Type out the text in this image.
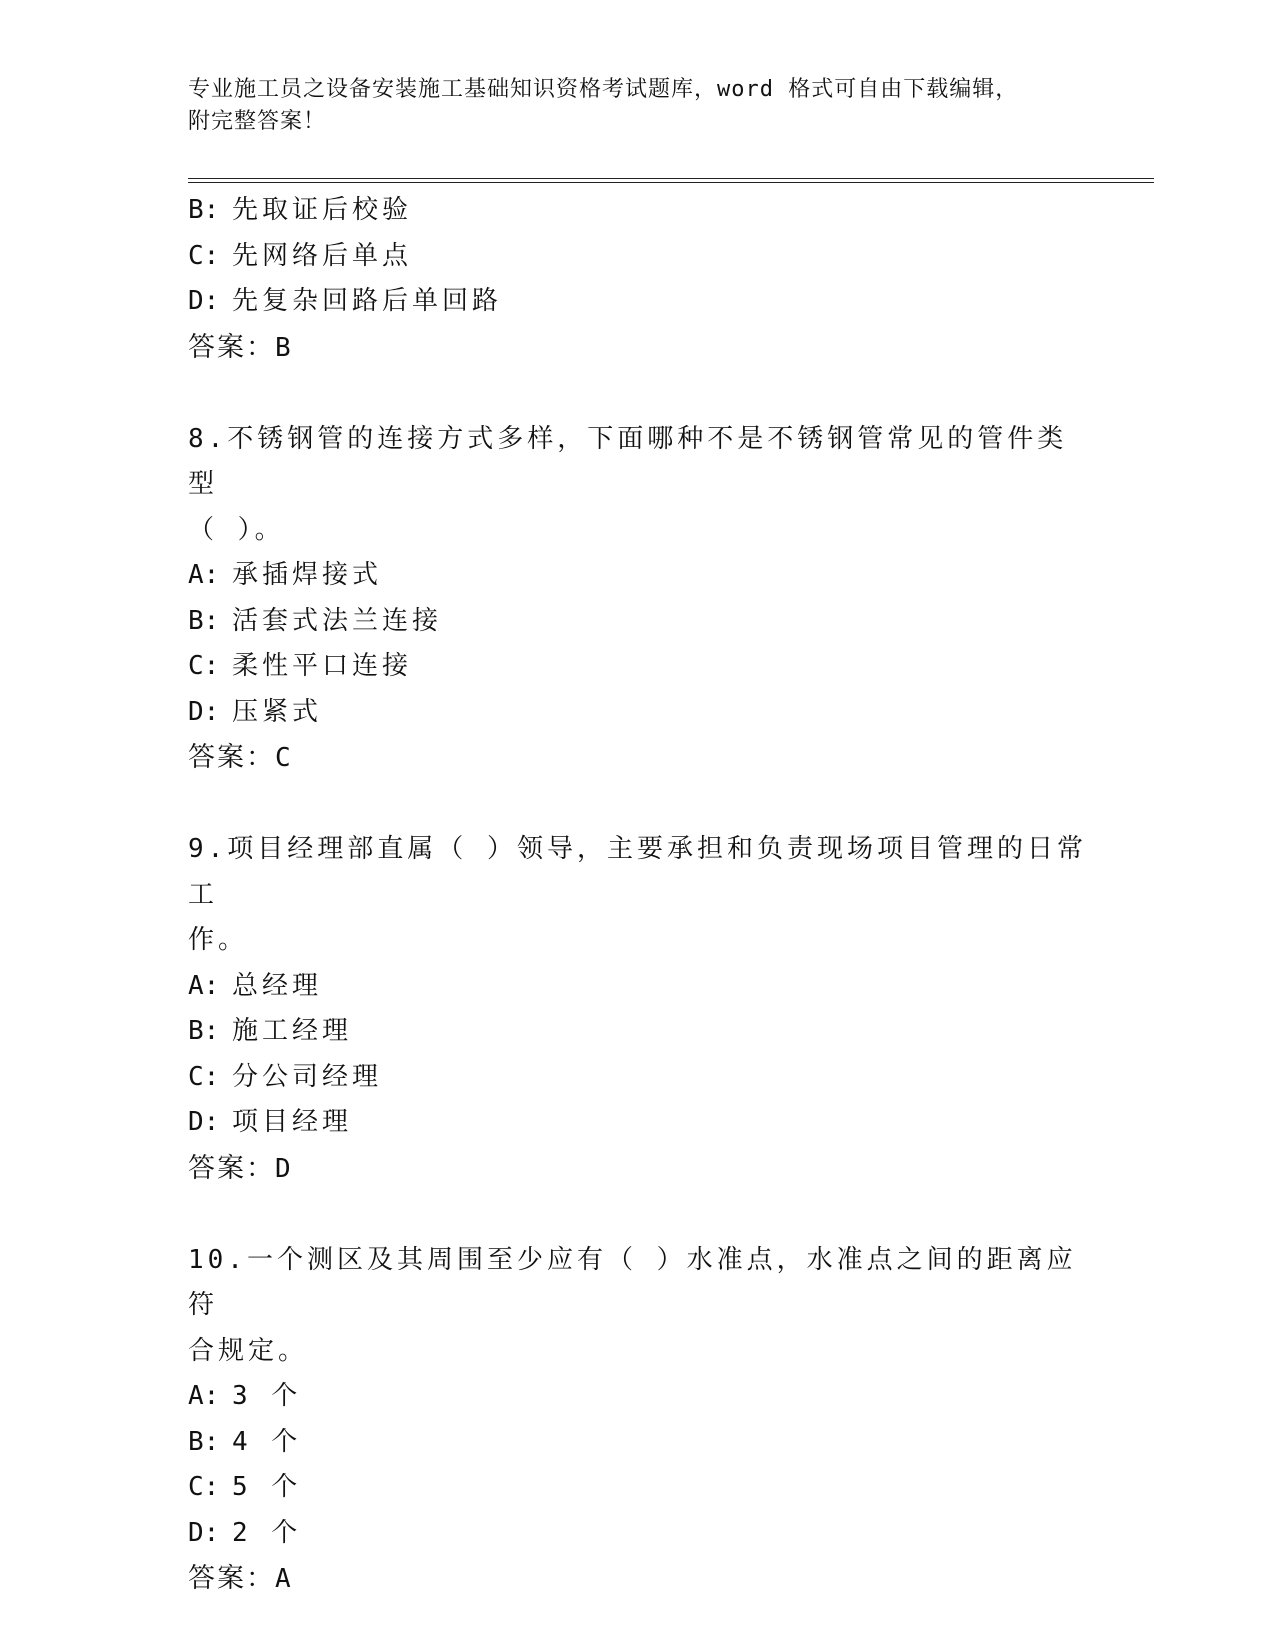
专业施工员之设备安装施工基础知识资格考试题库，word 格式可自由下载编辑，
附完整答案！
B: 先取证后校验
C: 先网络后单点
D: 先复杂回路后单回路
答案：B
8.不锈钢管的连接方式多样，下面哪种不是不锈钢管常见的管件类型
（ ）。
A: 承插焊接式
B: 活套式法兰连接
C: 柔性平口连接
D: 压紧式
答案：C
9.项目经理部直属（ ）领导，主要承担和负责现场项目管理的日常工
作。
A: 总经理
B: 施工经理
C: 分公司经理
D: 项目经理
答案：D
10.一个测区及其周围至少应有（ ）水准点，水准点之间的距离应符
合规定。
A: 3 个
B: 4 个
C: 5 个
D: 2 个
答案：A
